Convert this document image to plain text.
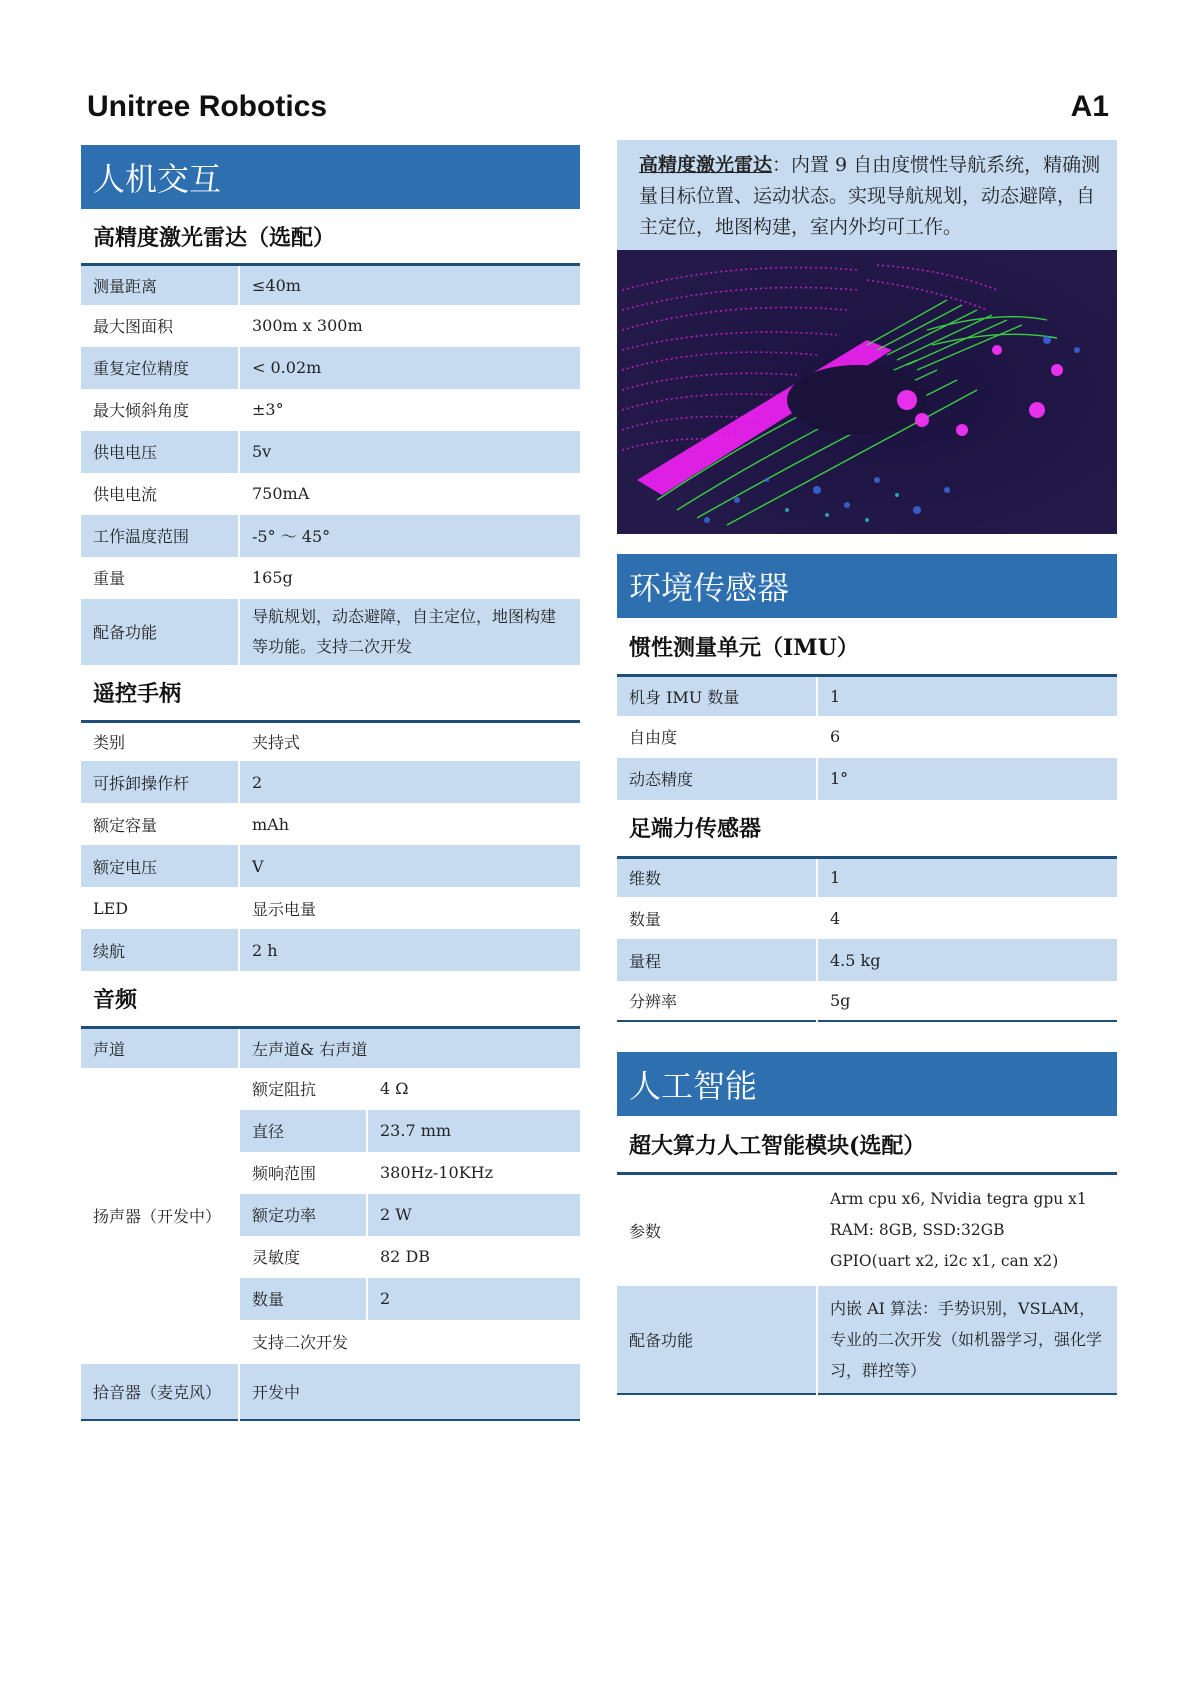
Unitree Robotics	A1
人机交互
高精度激光雷达（选配）
测量距离	≤40m
最大图面积	300m x 300m
重复定位精度	< 0.02m
最大倾斜角度	±3°
供电电压	5v
供电电流	750mA
工作温度范围	-5° ～ 45°
重量	165g
配备功能	导航规划，动态避障，自主定位，地图构建等功能。支持二次开发
遥控手柄
类别	夹持式
可拆卸操作杆	2
额定容量	mAh
额定电压	V
LED	显示电量
续航	2 h
音频
声道	左声道& 右声道	
扬声器（开发中）	额定阻抗	4 Ω
	直径	23.7 mm
	频响范围	380Hz-10KHz
	额定功率	2 W
	灵敏度	82 DB
	数量	2
	支持二次开发	
拾音器（麦克风）	开发中	
高精度激光雷达：内置 9 自由度惯性导航系统，精确测量目标位置、运动状态。实现导航规划，动态避障，自主定位，地图构建，室内外均可工作。
环境传感器
惯性测量单元（IMU）
机身 IMU 数量	1
自由度	6
动态精度	1°
足端力传感器
维数	1
数量	4
量程	4.5 kg
分辨率	5g
人工智能
超大算力人工智能模块(选配）
参数	Arm cpu x6, Nvidia tegra gpu x1
RAM: 8GB, SSD:32GB
GPIO(uart x2, i2c x1, can x2)

配备功能	内嵌 AI 算法：手势识别，VSLAM，专业的二次开发（如机器学习，强化学习，群控等）
